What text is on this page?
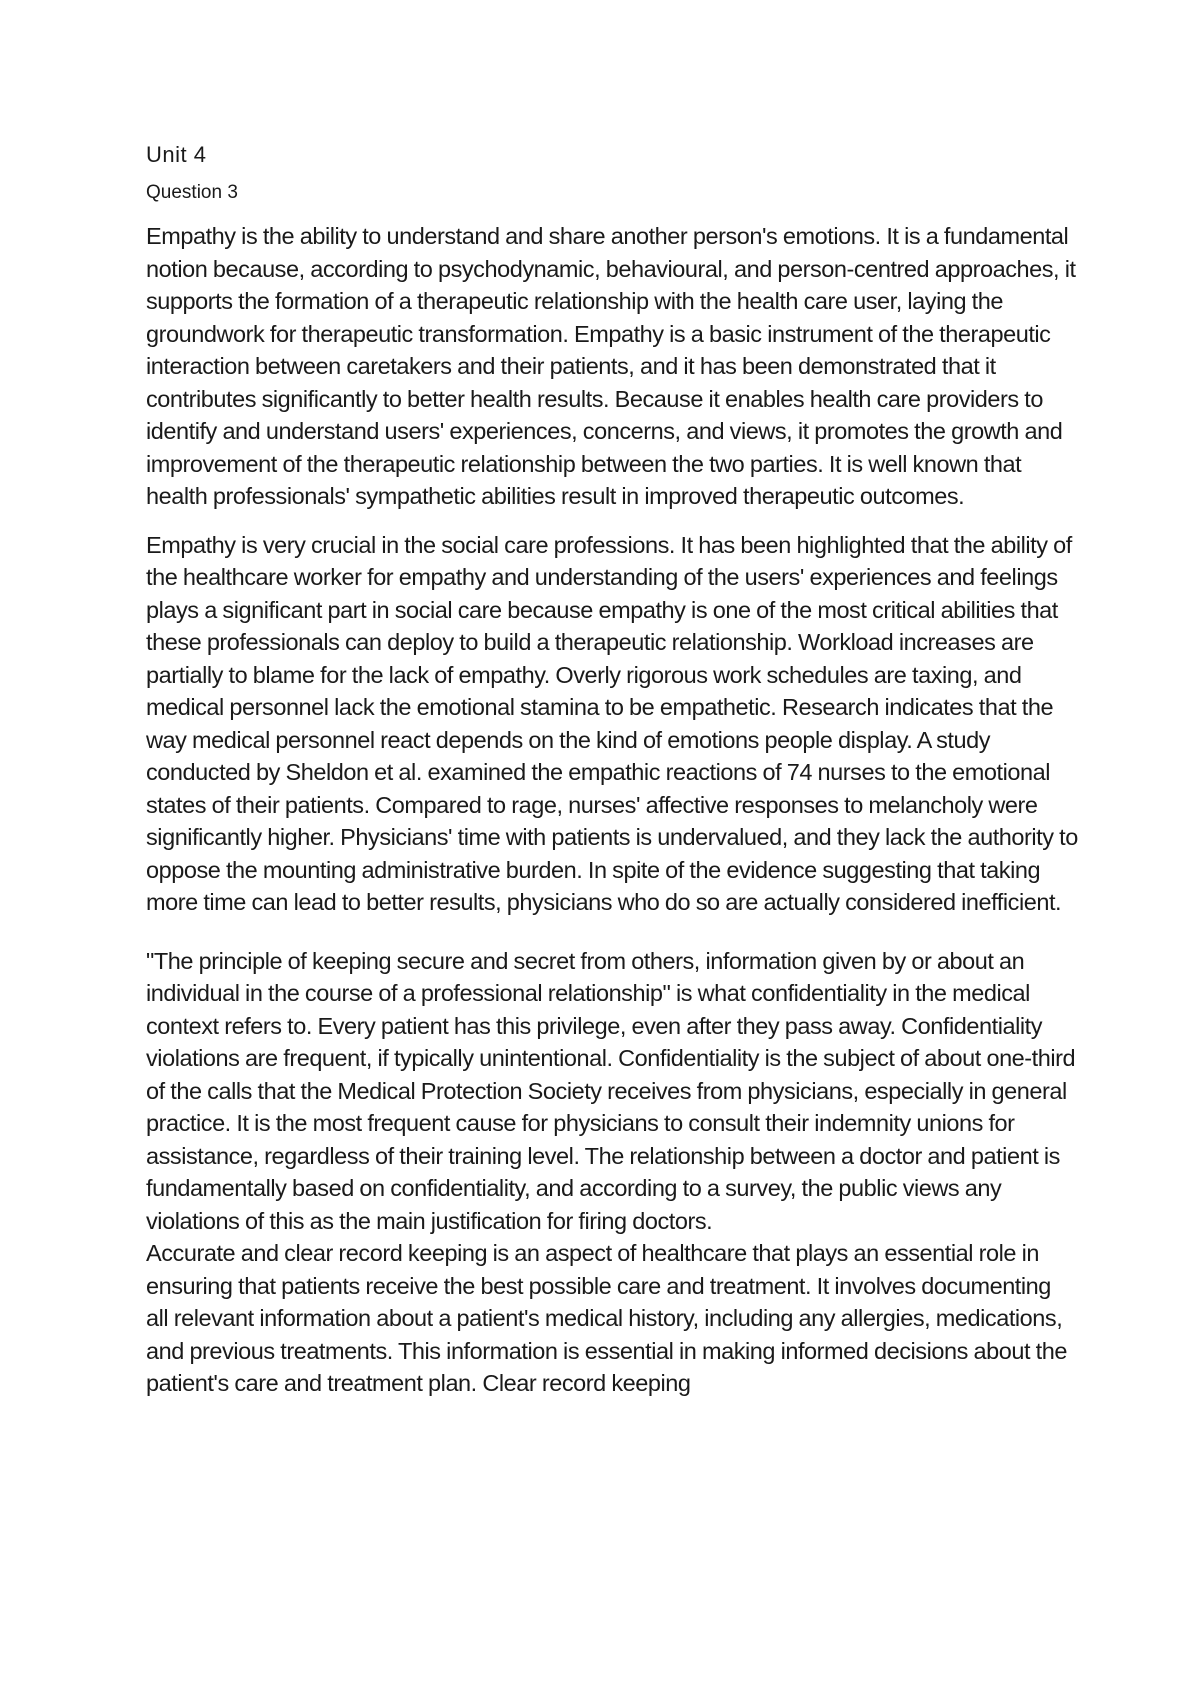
Unit 4
Question 3

Empathy is the ability to understand and share another person's emotions. It is a fundamental notion because, according to psychodynamic, behavioural, and person-centred approaches, it supports the formation of a therapeutic relationship with the health care user, laying the groundwork for therapeutic transformation. Empathy is a basic instrument of the therapeutic interaction between caretakers and their patients, and it has been demonstrated that it contributes significantly to better health results. Because it enables health care providers to identify and understand users' experiences, concerns, and views, it promotes the growth and improvement of the therapeutic relationship between the two parties. It is well known that health professionals' sympathetic abilities result in improved therapeutic outcomes.

Empathy is very crucial in the social care professions. It has been highlighted that the ability of the healthcare worker for empathy and understanding of the users' experiences and feelings plays a significant part in social care because empathy is one of the most critical abilities that these professionals can deploy to build a therapeutic relationship. Workload increases are partially to blame for the lack of empathy. Overly rigorous work schedules are taxing, and medical personnel lack the emotional stamina to be empathetic. Research indicates that the way medical personnel react depends on the kind of emotions people display. A study conducted by Sheldon et al. examined the empathic reactions of 74 nurses to the emotional states of their patients. Compared to rage, nurses' affective responses to melancholy were significantly higher. Physicians' time with patients is undervalued, and they lack the authority to oppose the mounting administrative burden. In spite of the evidence suggesting that taking more time can lead to better results, physicians who do so are actually considered inefficient.

"The principle of keeping secure and secret from others, information given by or about an individual in the course of a professional relationship" is what confidentiality in the medical context refers to. Every patient has this privilege, even after they pass away. Confidentiality violations are frequent, if typically unintentional. Confidentiality is the subject of about one-third of the calls that the Medical Protection Society receives from physicians, especially in general practice. It is the most frequent cause for physicians to consult their indemnity unions for assistance, regardless of their training level. The relationship between a doctor and patient is fundamentally based on confidentiality, and according to a survey, the public views any violations of this as the main justification for firing doctors.

Accurate and clear record keeping is an aspect of healthcare that plays an essential role in ensuring that patients receive the best possible care and treatment. It involves documenting all relevant information about a patient's medical history, including any allergies, medications, and previous treatments. This information is essential in making informed decisions about the patient's care and treatment plan. Clear record keeping
